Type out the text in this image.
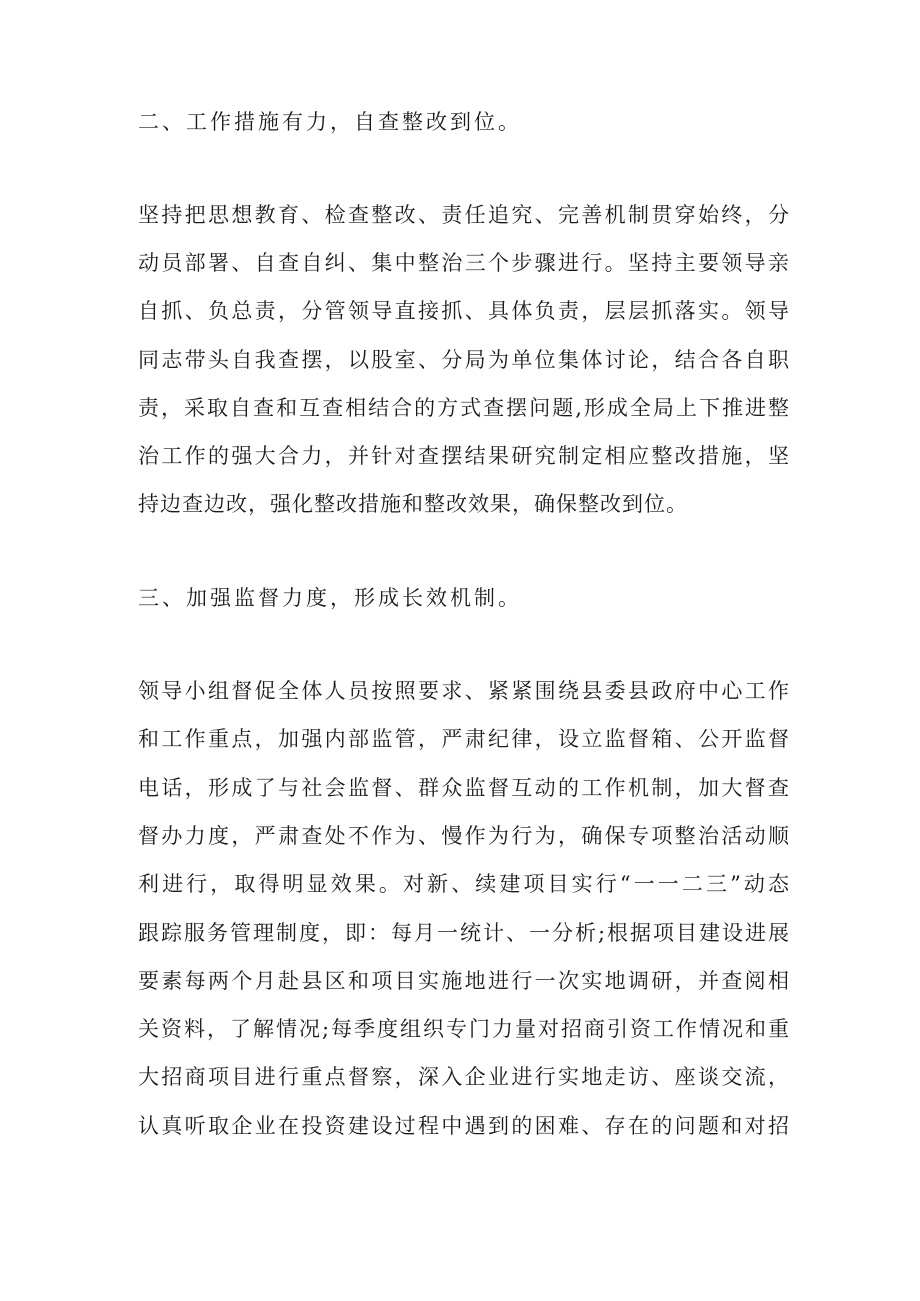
二、工作措施有力，自查整改到位。
坚持把思想教育、检查整改、责任追究、完善机制贯穿始终，分
动员部署、自查自纠、集中整治三个步骤进行。坚持主要领导亲
自抓、负总责，分管领导直接抓、具体负责，层层抓落实。领导
同志带头自我查摆，以股室、分局为单位集体讨论，结合各自职
责，采取自查和互查相结合的方式查摆问题,形成全局上下推进整
治工作的强大合力，并针对查摆结果研究制定相应整改措施，坚
持边查边改，强化整改措施和整改效果，确保整改到位。
三、加强监督力度，形成长效机制。
领导小组督促全体人员按照要求、紧紧围绕县委县政府中心工作
和工作重点，加强内部监管，严肃纪律，设立监督箱、公开监督
电话，形成了与社会监督、群众监督互动的工作机制，加大督查
督办力度，严肃查处不作为、慢作为行为，确保专项整治活动顺
利进行，取得明显效果。对新、续建项目实行“一一二三”动态
跟踪服务管理制度，即：每月一统计、一分析;根据项目建设进展
要素每两个月赴县区和项目实施地进行一次实地调研，并查阅相
关资料，了解情况;每季度组织专门力量对招商引资工作情况和重
大招商项目进行重点督察，深入企业进行实地走访、座谈交流，
认真听取企业在投资建设过程中遇到的困难、存在的问题和对招
